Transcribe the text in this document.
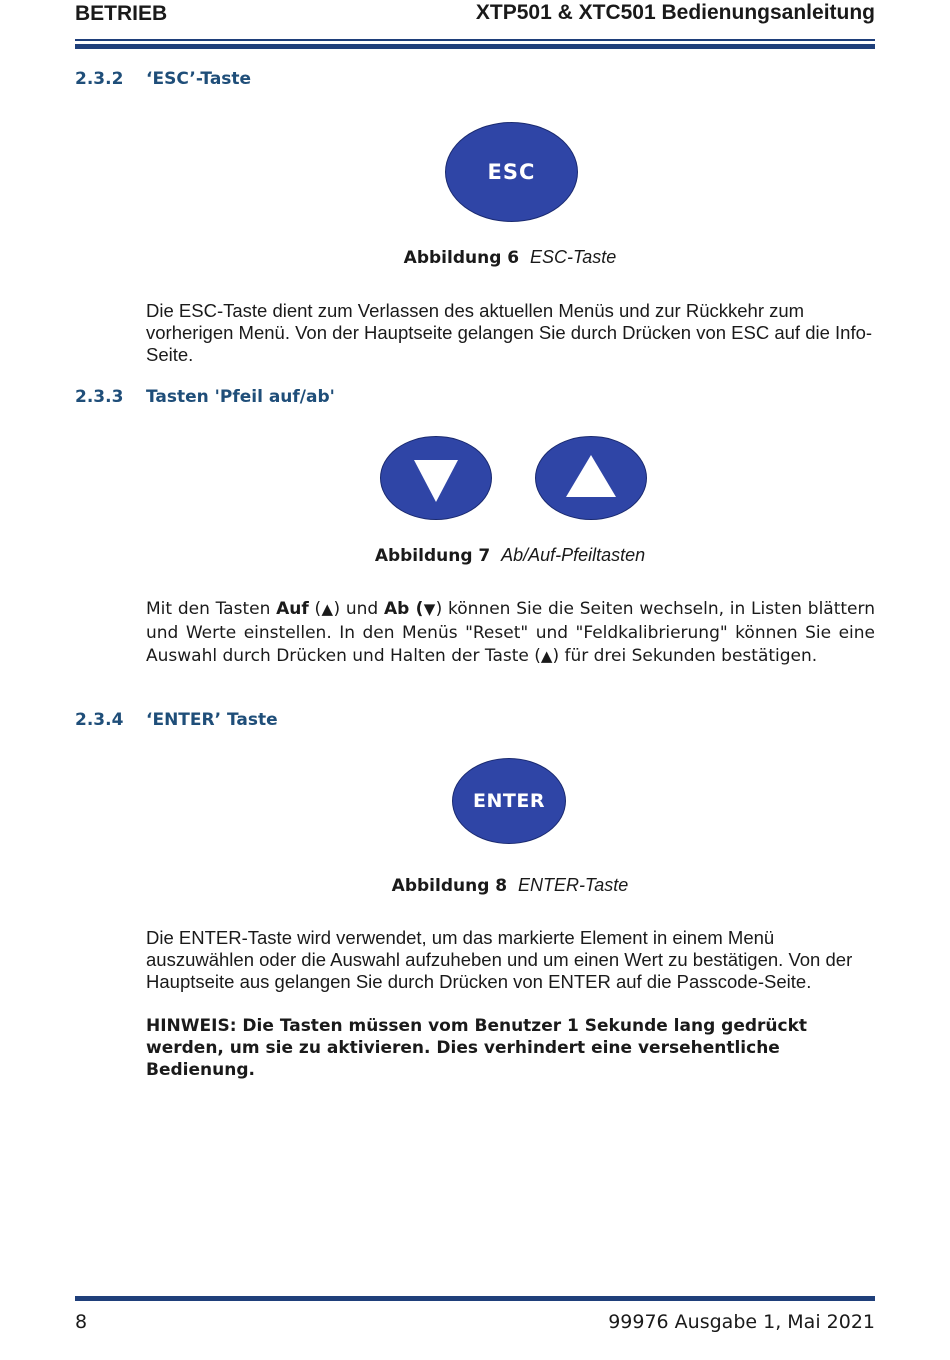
BETRIEB	XTP501 & XTC501 Bedienungsanleitung
2.3.2 ‘ESC’-Taste
ESC
Abbildung 6 ESC-Taste
Die ESC-Taste dient zum Verlassen des aktuellen Menüs und zur Rückkehr zum vorherigen Menü. Von der Hauptseite gelangen Sie durch Drücken von ESC auf die Info-Seite.
2.3.3 Tasten 'Pfeil auf/ab'
Abbildung 7 Ab/Auf-Pfeiltasten
Mit den Tasten Auf (▲) und Ab (▼) können Sie die Seiten wechseln, in Listen blättern und Werte einstellen. In den Menüs "Reset" und "Feldkalibrierung" können Sie eine Auswahl durch Drücken und Halten der Taste (▲) für drei Sekunden bestätigen.
2.3.4 ‘ENTER’ Taste
ENTER
Abbildung 8 ENTER-Taste
Die ENTER-Taste wird verwendet, um das markierte Element in einem Menü auszuwählen oder die Auswahl aufzuheben und um einen Wert zu bestätigen. Von der Hauptseite aus gelangen Sie durch Drücken von ENTER auf die Passcode-Seite.
HINWEIS: Die Tasten müssen vom Benutzer 1 Sekunde lang gedrückt werden, um sie zu aktivieren. Dies verhindert eine versehentliche Bedienung.
8	99976 Ausgabe 1, Mai 2021
